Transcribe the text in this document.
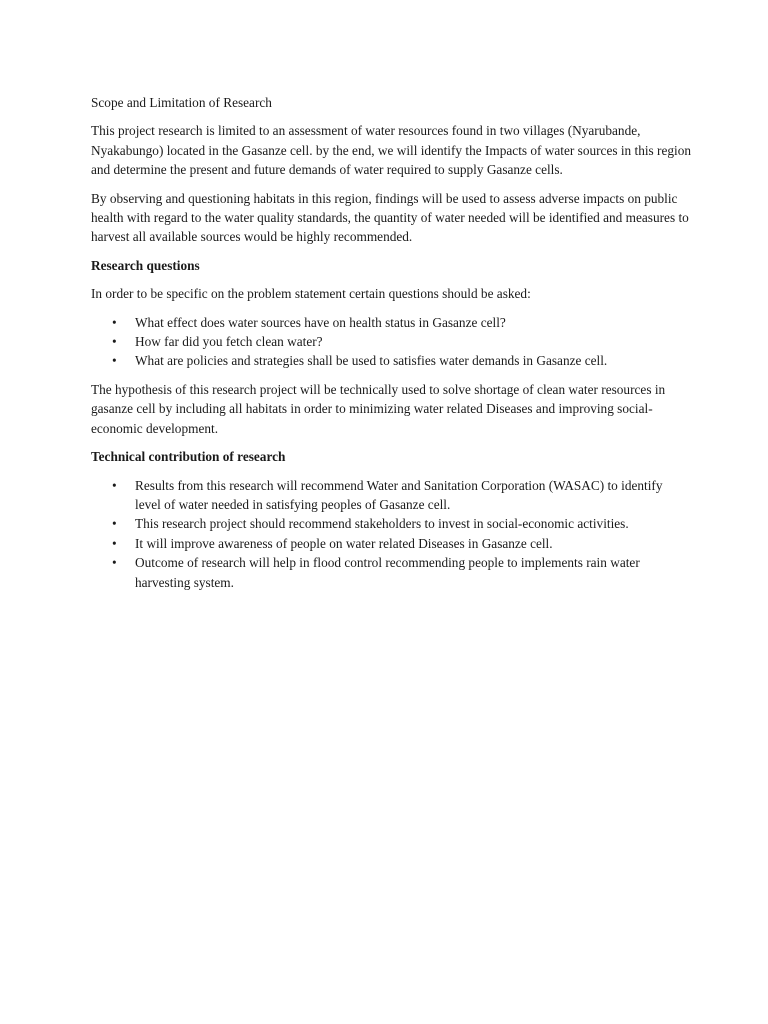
Scope and Limitation of Research

This project research is limited to an assessment of water resources found in two villages (Nyarubande, Nyakabungo) located in the Gasanze cell. by the end, we will identify the Impacts of water sources in this region and determine the present and future demands of water required to supply Gasanze cells.

By observing and questioning habitats in this region, findings will be used to assess adverse impacts on public health with regard to the water quality standards, the quantity of water needed will be identified and measures to harvest all available sources would be highly recommended.

Research questions

In order to be specific on the problem statement certain questions should be asked:

• What effect does water sources have on health status in Gasanze cell?
• How far did you fetch clean water?
• What are policies and strategies shall be used to satisfies water demands in Gasanze cell.

The hypothesis of this research project will be technically used to solve shortage of clean water resources in gasanze cell by including all habitats in order to minimizing water related Diseases and improving social-economic development.

Technical contribution of research
• Results from this research will recommend Water and Sanitation Corporation (WASAC) to identify level of water needed in satisfying peoples of Gasanze cell.
• This research project should recommend stakeholders to invest in social-economic activities.
• It will improve awareness of people on water related Diseases in Gasanze cell.
• Outcome of research will help in flood control recommending people to implements rain water harvesting system.
